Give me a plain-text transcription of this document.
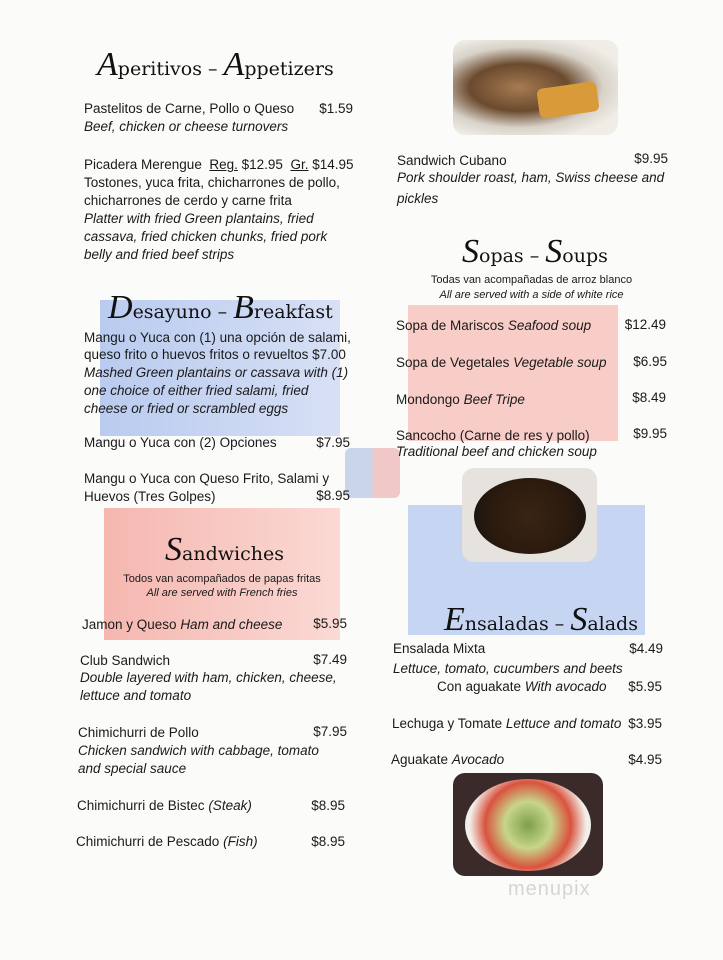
menupix
Aperitivos – Appetizers
Pastelitos de Carne, Pollo o Queso	$1.59
Beef, chicken or cheese turnovers
Picadera Merengue Reg. $12.95 Gr. $14.95
Tostones, yuca frita, chicharrones de pollo,
chicharrones de cerdo y carne frita
Platter with fried Green plantains, fried
cassava, fried chicken chunks, fried pork
belly and fried beef strips
Desayuno – Breakfast
Mangu o Yuca con (1) una opción de salami,
queso frito o huevos fritos o revueltos $7.00
Mashed Green plantains or cassava with (1)
one choice of either fried salami, fried
cheese or fried or scrambled eggs
Mangu o Yuca con (2) Opciones	$7.95
Mangu o Yuca con Queso Frito, Salami y
Huevos (Tres Golpes)	$8.95
Sandwiches
Todos van acompañados de papas fritas
All are served with French fries
Jamon y Queso Ham and cheese	$5.95
Club Sandwich	$7.49
Double layered with ham, chicken, cheese,
lettuce and tomato
Chimichurri de Pollo	$7.95
Chicken sandwich with cabbage, tomato
and special sauce
Chimichurri de Bistec (Steak)	$8.95
Chimichurri de Pescado (Fish)	$8.95
Sandwich Cubano	$9.95
Pork shoulder roast, ham, Swiss cheese and
pickles
Sopas – Soups
Todas van acompañadas de arroz blanco
All are served with a side of white rice
Sopa de Mariscos Seafood soup	$12.49
Sopa de Vegetales Vegetable soup	$6.95
Mondongo Beef Tripe	$8.49
Sancocho (Carne de res y pollo)	$9.95
Traditional beef and chicken soup
Ensaladas – Salads
Ensalada Mixta	$4.49
Lettuce, tomato, cucumbers and beets
Con aguakate With avocado	$5.95
Lechuga y Tomate Lettuce and tomato $3.95
Aguakate Avocado	$4.95
